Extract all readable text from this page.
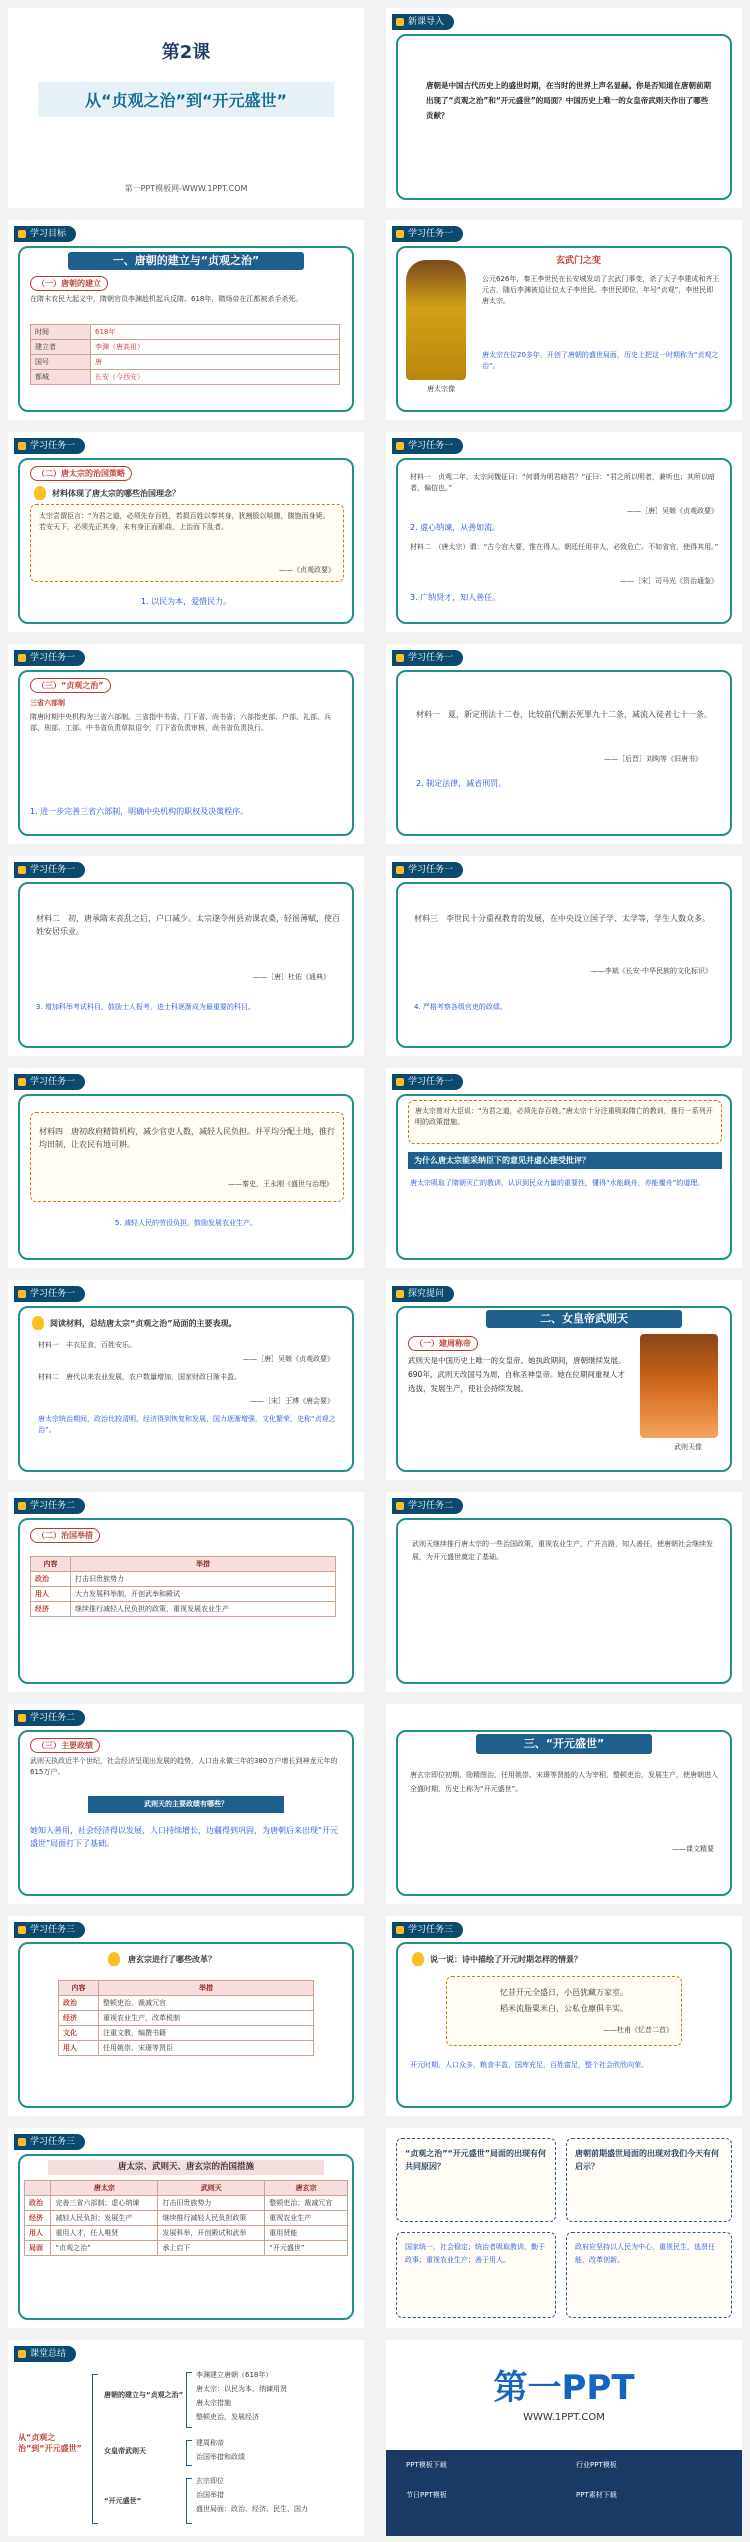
第2课
从“贞观之治”到“开元盛世”
第一PPT模板网-WWW.1PPT.COM
新课导入
唐朝是中国古代历史上的盛世时期，在当时的世界上声名显赫。你是否知道在唐朝前期出现了“贞观之治”和“开元盛世”的局面？中国历史上唯一的女皇帝武则天作出了哪些贡献？
学习目标
一、唐朝的建立与“贞观之治”
（一）唐朝的建立
在隋末农民大起义中，隋朝官员李渊趁机起兵反隋。618年，隋炀帝在江都被杀手杀死。
时间	618年
建立者	李渊（唐高祖）
国号	唐
都城	长安（今西安）
学习任务一
唐太宗像
玄武门之变
公元626年，秦王李世民在长安城发动了玄武门事变，杀了太子李建成和齐王元吉，随后李渊被迫让位太子李世民。李世民即位，年号“贞观”，李世民即唐太宗。
唐太宗在位20多年，开创了唐朝的盛世局面，历史上把这一时期称为“贞观之治”。
学习任务一
（二）唐太宗的治国策略
材料体现了唐太宗的哪些治国理念？
太宗尝谓臣言：“为君之道，必须先存百姓，若损百姓以奉其身，犹割股以啖腹，腹饱而身毙。若安天下，必须先正其身，未有身正而影曲，上治而下乱者。
——《贞观政要》
1. 以民为本，爱惜民力。
学习任务一
材料一　贞观二年，太宗问魏征曰：“何谓为明君暗君？”征曰：“君之所以明者，兼听也；其所以暗者，偏信也。”
——［唐］吴兢《贞观政要》
2. 虚心纳谏，从善如流。
材料二　（唐太宗）谓：“古今官大要，惟在得人。朝廷任用非人，必致危亡。不如省官，使得其用。”
——［宋］司马光《资治通鉴》
3. 广纳贤才，知人善任。
学习任务一
（三）“贞观之治”
三省六部制
隋唐时期中央机构为三省六部制。三省指中书省、门下省、尚书省；六部指吏部、户部、礼部、兵部、刑部、工部。中书省负责草拟诏令，门下省负责审核，尚书省负责执行。
1. 进一步完善三省六部制，明确中央机构的职权及决策程序。
学习任务一
材料一　夏，新定刑法十二卷，比较前代删去死罪九十二条，减流入徒者七十一条。
——［后晋］刘昫等《旧唐书》
2. 制定法律，减省刑罚。
学习任务一
材料二　初，唐承隋末丧乱之后，户口减少。太宗遂令州县劝课农桑，轻徭薄赋，使百姓安居乐业。
——［唐］杜佑《通典》
3. 增加科举考试科目，鼓励士人报考，进士科逐渐成为最重要的科目。
学习任务一
材料三　李世民十分重视教育的发展，在中央设立国子学、太学等，学生人数众多。
——李斌《长安·中华民族的文化标识》
4. 严格考察各级官吏的政绩。
学习任务一
材料四　唐初政府精简机构，减少官吏人数，减轻人民负担。并平均分配土地，推行均田制，让农民有地可耕。
——秦史，王永刚《盛世与治理》
5. 减轻人民的劳役负担，鼓励发展农业生产。
学习任务一
唐太宗曾对大臣说：“为君之道，必须先存百姓。”唐太宗十分注重吸取隋亡的教训，推行一系列开明的政策措施。
为什么唐太宗能采纳臣下的意见并虚心接受批评？
唐太宗吸取了隋朝灭亡的教训，认识到民众力量的重要性，懂得“水能载舟，亦能覆舟”的道理。
学习任务一
阅读材料，总结唐太宗“贞观之治”局面的主要表现。
材料一　丰衣足食，百姓安乐。
——［唐］吴兢《贞观政要》
材料二　唐代以来农业发展，农户数量增加，国家财政日渐丰盈。
——［宋］王溥《唐会要》
唐太宗统治期间，政治比较清明，经济得到恢复和发展，国力逐渐增强，文化繁荣，史称“贞观之治”。
探究提问
二、女皇帝武则天
（一）建周称帝
武则天是中国历史上唯一的女皇帝。她执政期间，唐朝继续发展。690年，武则天改国号为周，自称圣神皇帝。她在位期间重视人才选拔，发展生产，使社会持续发展。
武则天像
学习任务二
（二）治国举措
内容	举措
政治	打击旧贵族势力
用人	大力发展科举制，开创武举和殿试
经济	继续推行减轻人民负担的政策，重视发展农业生产
学习任务二
武则天继续推行唐太宗的一些治国政策，重视农业生产，广开言路，知人善任，使唐朝社会继续发展，为开元盛世奠定了基础。
学习任务二
（三）主要政绩
武则天执政近半个世纪，社会经济呈现出发展的趋势，人口由永徽三年的380万户增长到神龙元年的615万户。
武则天的主要政绩有哪些？
她知人善用，社会经济得以发展，人口持续增长，边疆得到巩固，为唐朝后来出现“开元盛世”局面打下了基础。
三、“开元盛世”
唐玄宗即位初期，励精图治，任用姚崇、宋璟等贤能的人为宰相，整顿吏治，发展生产，使唐朝进入全盛时期，历史上称为“开元盛世”。
——课文精要
学习任务三
唐玄宗进行了哪些改革？
内容	举措
政治	整顿吏治，裁减冗官
经济	重视农业生产，改革税制
文化	注重文教，编撰书籍
用人	任用姚崇、宋璟等贤臣
学习任务三
说一说：诗中描绘了开元时期怎样的情景？
忆昔开元全盛日，小邑犹藏万家室。
稻米流脂粟米白，公私仓廪俱丰实。
——杜甫《忆昔二首》
开元时期，人口众多，粮食丰盈，国库充足，百姓富足，整个社会欣欣向荣。
学习任务三
唐太宗、武则天、唐玄宗的治国措施
	唐太宗	武则天	唐玄宗
政治	完善三省六部制；虚心纳谏	打击旧贵族势力	整顿吏治；裁减冗官
经济	减轻人民负担；发展生产	继续推行减轻人民负担政策	重视农业生产
用人	重用人才，任人唯贤	发展科举，开创殿试和武举	重用贤能
局面	“贞观之治”	承上启下	“开元盛世”
“贞观之治”“开元盛世”局面的出现有何共同原因？
国家统一，社会稳定；统治者吸取教训，勤于政事；重视农业生产；善于用人。
唐朝前期盛世局面的出现对我们今天有何启示？
政府应坚持以人民为中心，重视民生，选贤任能，改革创新。
课堂总结
从“贞观之治”到“开元盛世”
唐朝的建立与“贞观之治”
李渊建立唐朝（618年）
唐太宗：以民为本，纳谏用贤
唐太宗措施
整顿吏治，发展经济
女皇帝武则天
建周称帝
治国举措和政绩
“开元盛世”
玄宗即位
治国举措
盛世局面：政治、经济、民生、国力
第一PPT
WWW.1PPT.COM
PPT模板下载	行业PPT模板
节日PPT模板	PPT素材下载
